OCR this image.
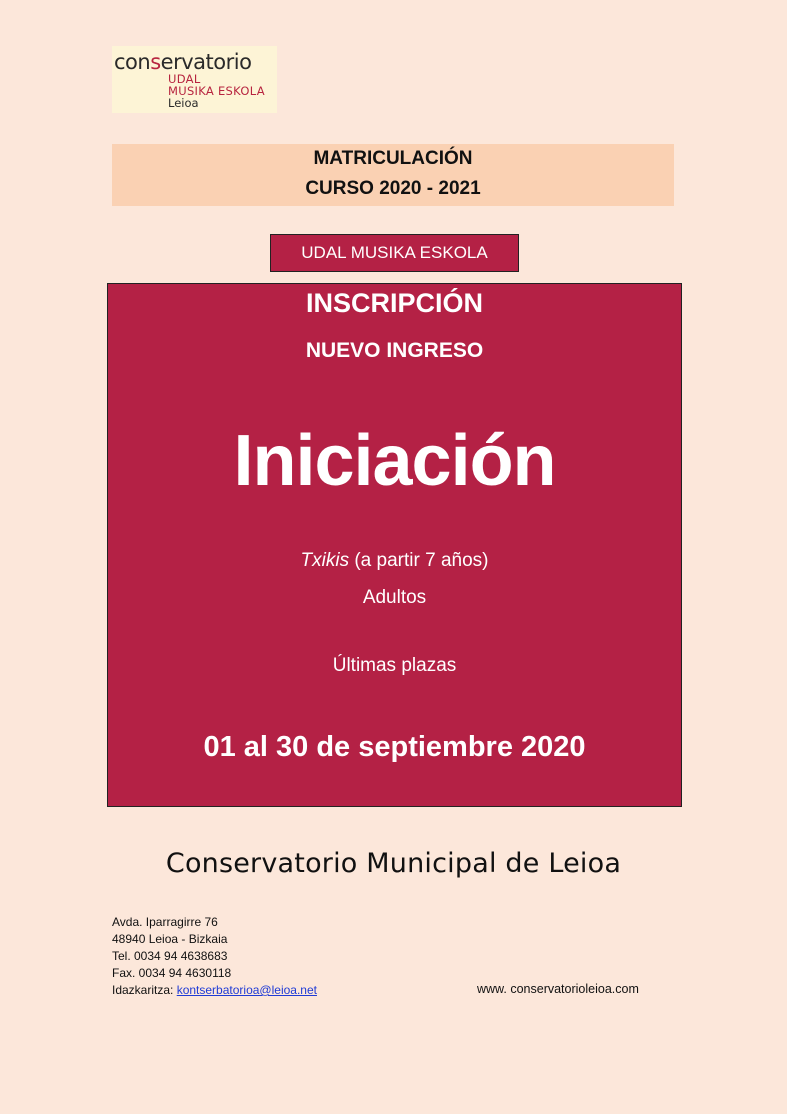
conservatorio
UDAL
MUSIKA ESKOLA
Leioa
MATRICULACIÓN
CURSO 2020 - 2021
UDAL MUSIKA ESKOLA
INSCRIPCIÓN
NUEVO INGRESO
Iniciación
Txikis (a partir 7 años)
Adultos
Últimas plazas
01 al 30 de septiembre 2020
Conservatorio Municipal de Leioa
Avda. Iparragirre 76
48940 Leioa - Bizkaia
Tel. 0034 94 4638683
Fax. 0034 94 4630118
Idazkaritza: kontserbatorioa@leioa.net	www. conservatorioleioa.com
